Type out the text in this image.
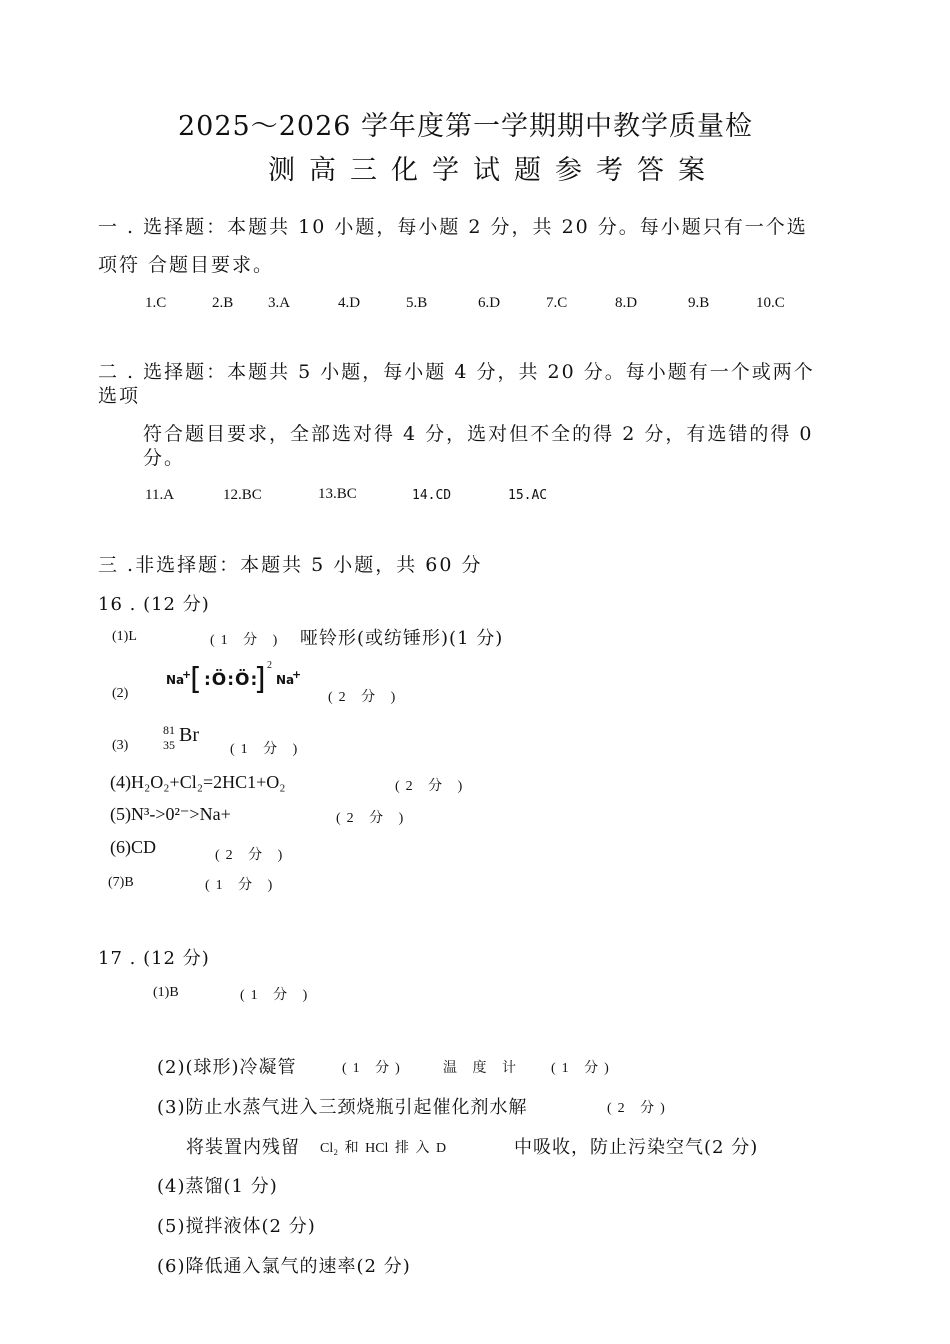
2025～2026 学年度第一学期期中教学质量检
测高三化学试题参考答案
一 . 选择题：本题共 10 小题，每小题 2 分，共 20 分。每小题只有一个选
项符 合题目要求。
1.C	2.B 3.A	4.D	5.B	6.D	7.C	8.D	9.B	10.C
二 . 选择题：本题共 5 小题，每小题 4 分，共 20 分。每小题有一个或两个
选项
符合题目要求，全部选对得 4 分，选对但不全的得 2 分，有选错的得 0
分。
11.A	12.BC	13.BC	14.CD	15.AC
三 .非选择题：本题共 5 小题，共 60 分
16 . (12 分)
(1)L	(1 分 ) 哑铃形(或纺锤形)(1 分)
(2)
Na
+
[ :Ö:Ö:
] 2
Na
+
(2 分 )
(3)
81
35 Br
(1 分 )
(4)H₂O₂+Cl₂=2HC1+O₂	(2 分 )
(5)N³->0²⁻>Na+	(2 分 )
(6)CD	(2 分 )
(7)B	(1 分 )
17 . (12 分)
(1)B	(1 分 )
(2)(球形)冷凝管	(1 分)	温 度 计 (1 分)
(3)防止水蒸气进入三颈烧瓶引起催化剂水解	(2 分)
将装置内残留 Cl₂ 和 HCl 排 入 D	中吸收，防止污染空气(2 分)
(4)蒸馏(1 分)
(5)搅拌液体(2 分)
(6)降低通入氯气的速率(2 分)
